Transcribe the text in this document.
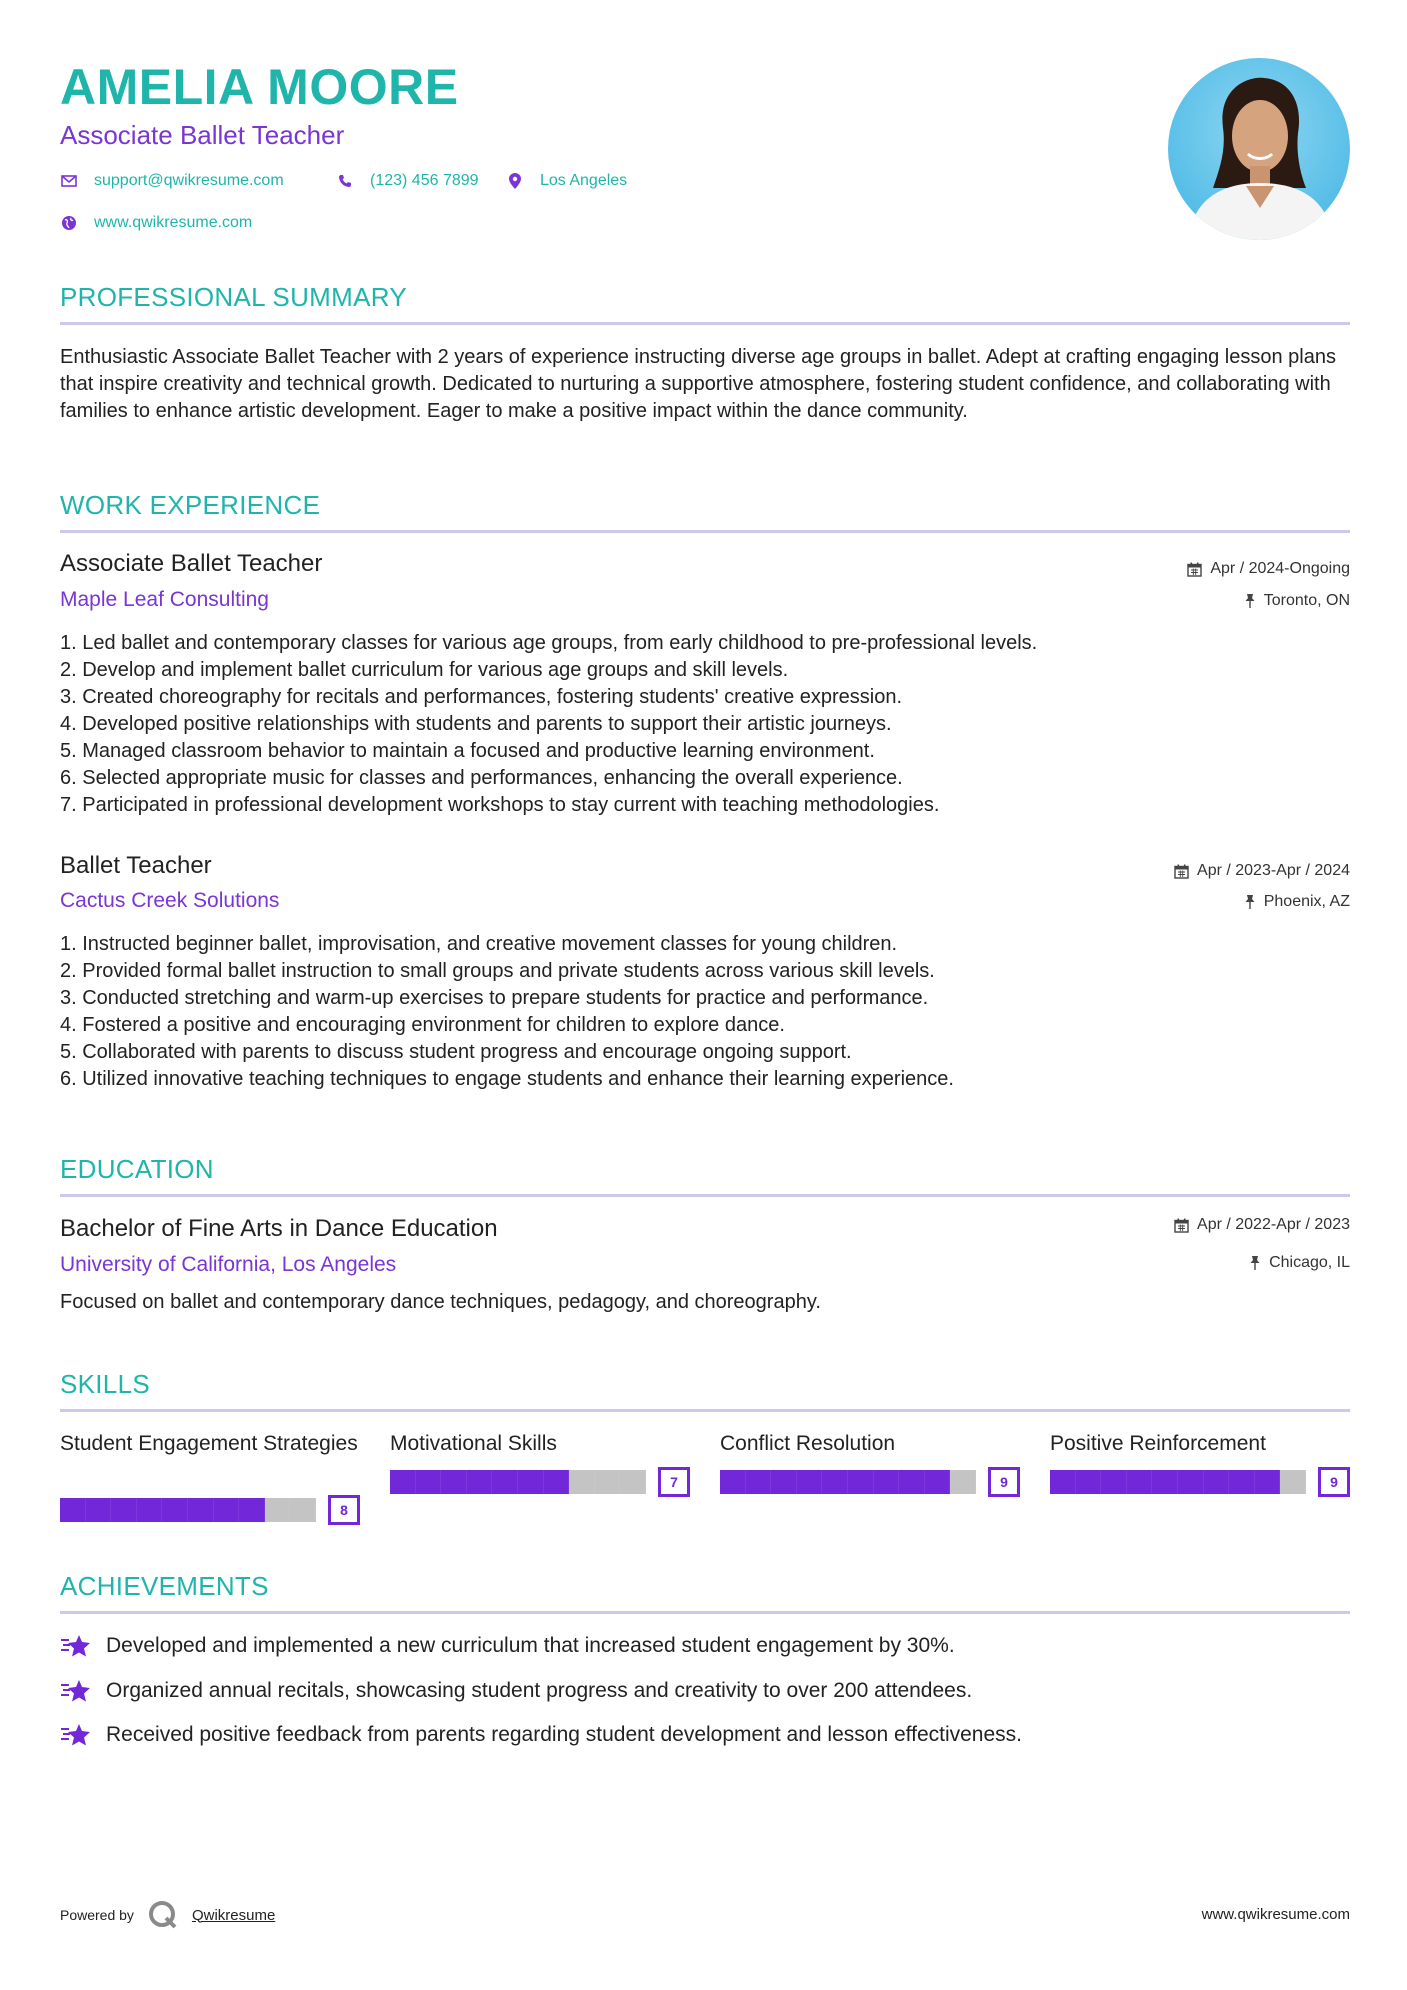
AMELIA MOORE
Associate Ballet Teacher
support@qwikresume.com	(123) 456 7899	Los Angeles
www.qwikresume.com
PROFESSIONAL SUMMARY
Enthusiastic Associate Ballet Teacher with 2 years of experience instructing diverse age groups in ballet. Adept at crafting engaging lesson plans that inspire creativity and technical growth. Dedicated to nurturing a supportive atmosphere, fostering student confidence, and collaborating with families to enhance artistic development. Eager to make a positive impact within the dance community.
WORK EXPERIENCE
Associate Ballet Teacher
Maple Leaf Consulting
Apr / 2024-Ongoing
Toronto, ON
1. Led ballet and contemporary classes for various age groups, from early childhood to pre-professional levels.
2. Develop and implement ballet curriculum for various age groups and skill levels.
3. Created choreography for recitals and performances, fostering students' creative expression.
4. Developed positive relationships with students and parents to support their artistic journeys.
5. Managed classroom behavior to maintain a focused and productive learning environment.
6. Selected appropriate music for classes and performances, enhancing the overall experience.
7. Participated in professional development workshops to stay current with teaching methodologies.
Ballet Teacher
Cactus Creek Solutions
Apr / 2023-Apr / 2024
Phoenix, AZ
1. Instructed beginner ballet, improvisation, and creative movement classes for young children.
2. Provided formal ballet instruction to small groups and private students across various skill levels.
3. Conducted stretching and warm-up exercises to prepare students for practice and performance.
4. Fostered a positive and encouraging environment for children to explore dance.
5. Collaborated with parents to discuss student progress and encourage ongoing support.
6. Utilized innovative teaching techniques to engage students and enhance their learning experience.
EDUCATION
Bachelor of Fine Arts in Dance Education
University of California, Los Angeles
Apr / 2022-Apr / 2023
Chicago, IL
Focused on ballet and contemporary dance techniques, pedagogy, and choreography.
SKILLS
Student Engagement Strategies
8
Motivational Skills
7
Conflict Resolution
9
Positive Reinforcement
9
ACHIEVEMENTS
Developed and implemented a new curriculum that increased student engagement by 30%.
Organized annual recitals, showcasing student progress and creativity to over 200 attendees.
Received positive feedback from parents regarding student development and lesson effectiveness.
Powered by	Qwikresume	www.qwikresume.com
